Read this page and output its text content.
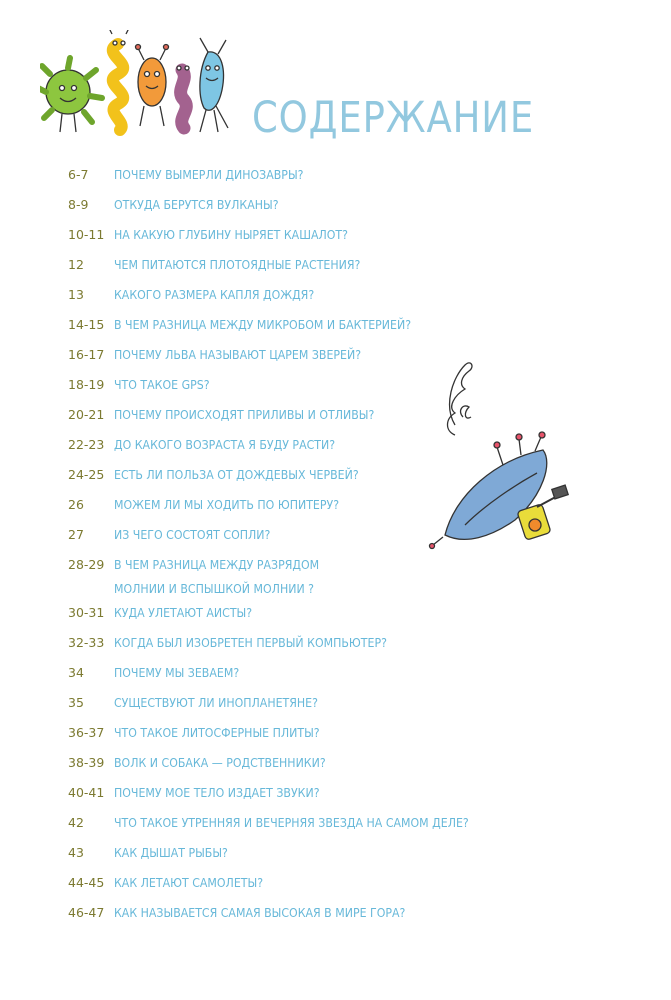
СОДЕРЖАНИЕ
6-7	ПОЧЕМУ ВЫМЕРЛИ ДИНОЗАВРЫ?
8-9	ОТКУДА БЕРУТСЯ ВУЛКАНЫ?
10-11 НА КАКУЮ ГЛУБИНУ НЫРЯЕТ КАШАЛОТ?
12	ЧЕМ ПИТАЮТСЯ ПЛОТОЯДНЫЕ РАСТЕНИЯ?
13	КАКОГО РАЗМЕРА КАПЛЯ ДОЖДЯ?
14-15 В ЧЕМ РАЗНИЦА МЕЖДУ МИКРОБОМ И БАКТЕРИЕЙ?
16-17 ПОЧЕМУ ЛЬВА НАЗЫВАЮТ ЦАРЕМ ЗВЕРЕЙ?
18-19 ЧТО ТАКОЕ GPS?
20-21 ПОЧЕМУ ПРОИСХОДЯТ ПРИЛИВЫ И ОТЛИВЫ?
22-23 ДО КАКОГО ВОЗРАСТА Я БУДУ РАСТИ?
24-25 ЕСТЬ ЛИ ПОЛЬЗА ОТ ДОЖДЕВЫХ ЧЕРВЕЙ?
26	МОЖЕМ ЛИ МЫ ХОДИТЬ ПО ЮПИТЕРУ?
27	ИЗ ЧЕГО СОСТОЯТ СОПЛИ?
28-29 В ЧЕМ РАЗНИЦА МЕЖДУ РАЗРЯДОМ
МОЛНИИ И ВСПЫШКОЙ МОЛНИИ ?
30-31 КУДА УЛЕТАЮТ АИСТЫ?
32-33 КОГДА БЫЛ ИЗОБРЕТЕН ПЕРВЫЙ КОМПЬЮТЕР?
34	ПОЧЕМУ МЫ ЗЕВАЕМ?
35	СУЩЕСТВУЮТ ЛИ ИНОПЛАНЕТЯНЕ?
36-37 ЧТО ТАКОЕ ЛИТОСФЕРНЫЕ ПЛИТЫ?
38-39 ВОЛК И СОБАКА — РОДСТВЕННИКИ?
40-41 ПОЧЕМУ МОЕ ТЕЛО ИЗДАЕТ ЗВУКИ?
42	ЧТО ТАКОЕ УТРЕННЯЯ И ВЕЧЕРНЯЯ ЗВЕЗДА НА САМОМ ДЕЛЕ?
43	КАК ДЫШАТ РЫБЫ?
44-45 КАК ЛЕТАЮТ САМОЛЕТЫ?
46-47 КАК НАЗЫВАЕТСЯ САМАЯ ВЫСОКАЯ В МИРЕ ГОРА?
